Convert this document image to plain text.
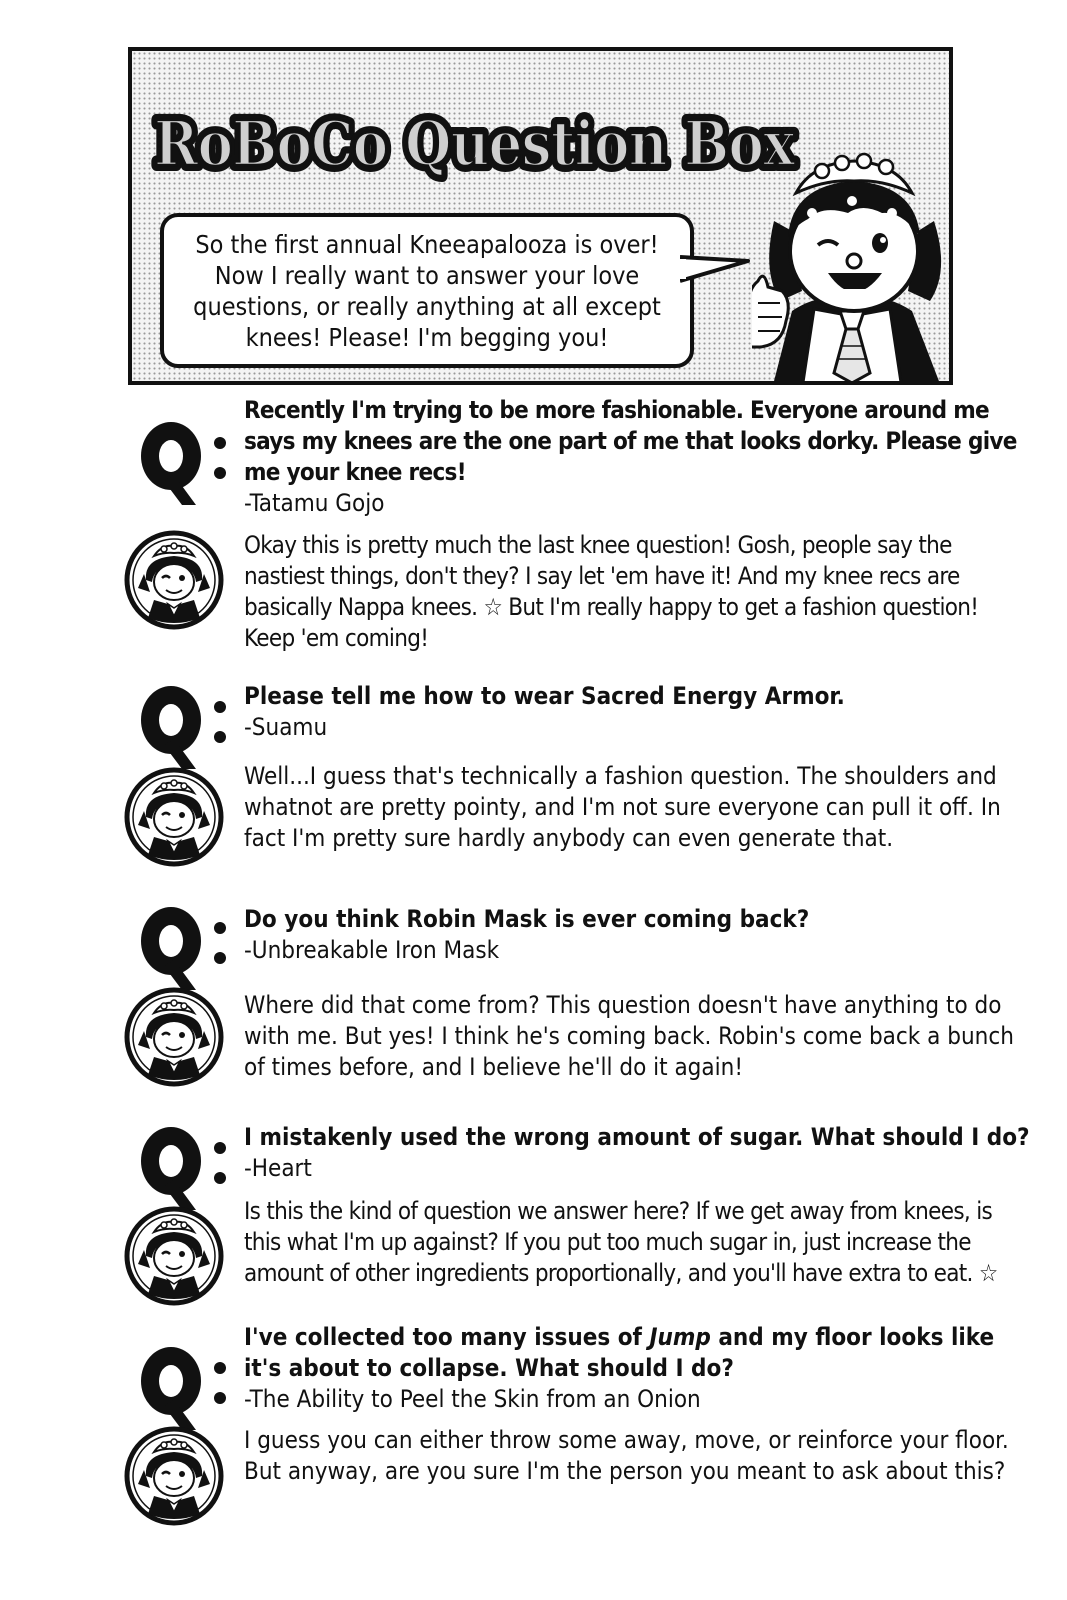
RoBoCo Question Box
RoBoCo Question Box
So the first annual Kneeapalooza is over! Now I really want to answer your love questions, or really anything at all except knees! Please! I'm begging you!
Recently I'm trying to be more fashionable. Everyone around me says my knees are the one part of me that looks dorky. Please give me your knee recs!
-Tatamu Gojo
Okay this is pretty much the last knee question! Gosh, people say the nastiest things, don't they? I say let 'em have it! And my knee recs are basically Nappa knees. ☆ But I'm really happy to get a fashion question! Keep 'em coming!
Please tell me how to wear Sacred Energy Armor.
-Suamu
Well...I guess that's technically a fashion question. The shoulders and whatnot are pretty pointy, and I'm not sure everyone can pull it off. In fact I'm pretty sure hardly anybody can even generate that.
Do you think Robin Mask is ever coming back?
-Unbreakable Iron Mask
Where did that come from? This question doesn't have anything to do with me. But yes! I think he's coming back. Robin's come back a bunch of times before, and I believe he'll do it again!
I mistakenly used the wrong amount of sugar. What should I do?
-Heart
Is this the kind of question we answer here? If we get away from knees, is this what I'm up against? If you put too much sugar in, just increase the amount of other ingredients proportionally, and you'll have extra to eat. ☆
I've collected too many issues of Jump and my floor looks like it's about to collapse. What should I do?
-The Ability to Peel the Skin from an Onion
I guess you can either throw some away, move, or reinforce your floor. But anyway, are you sure I'm the person you meant to ask about this?
